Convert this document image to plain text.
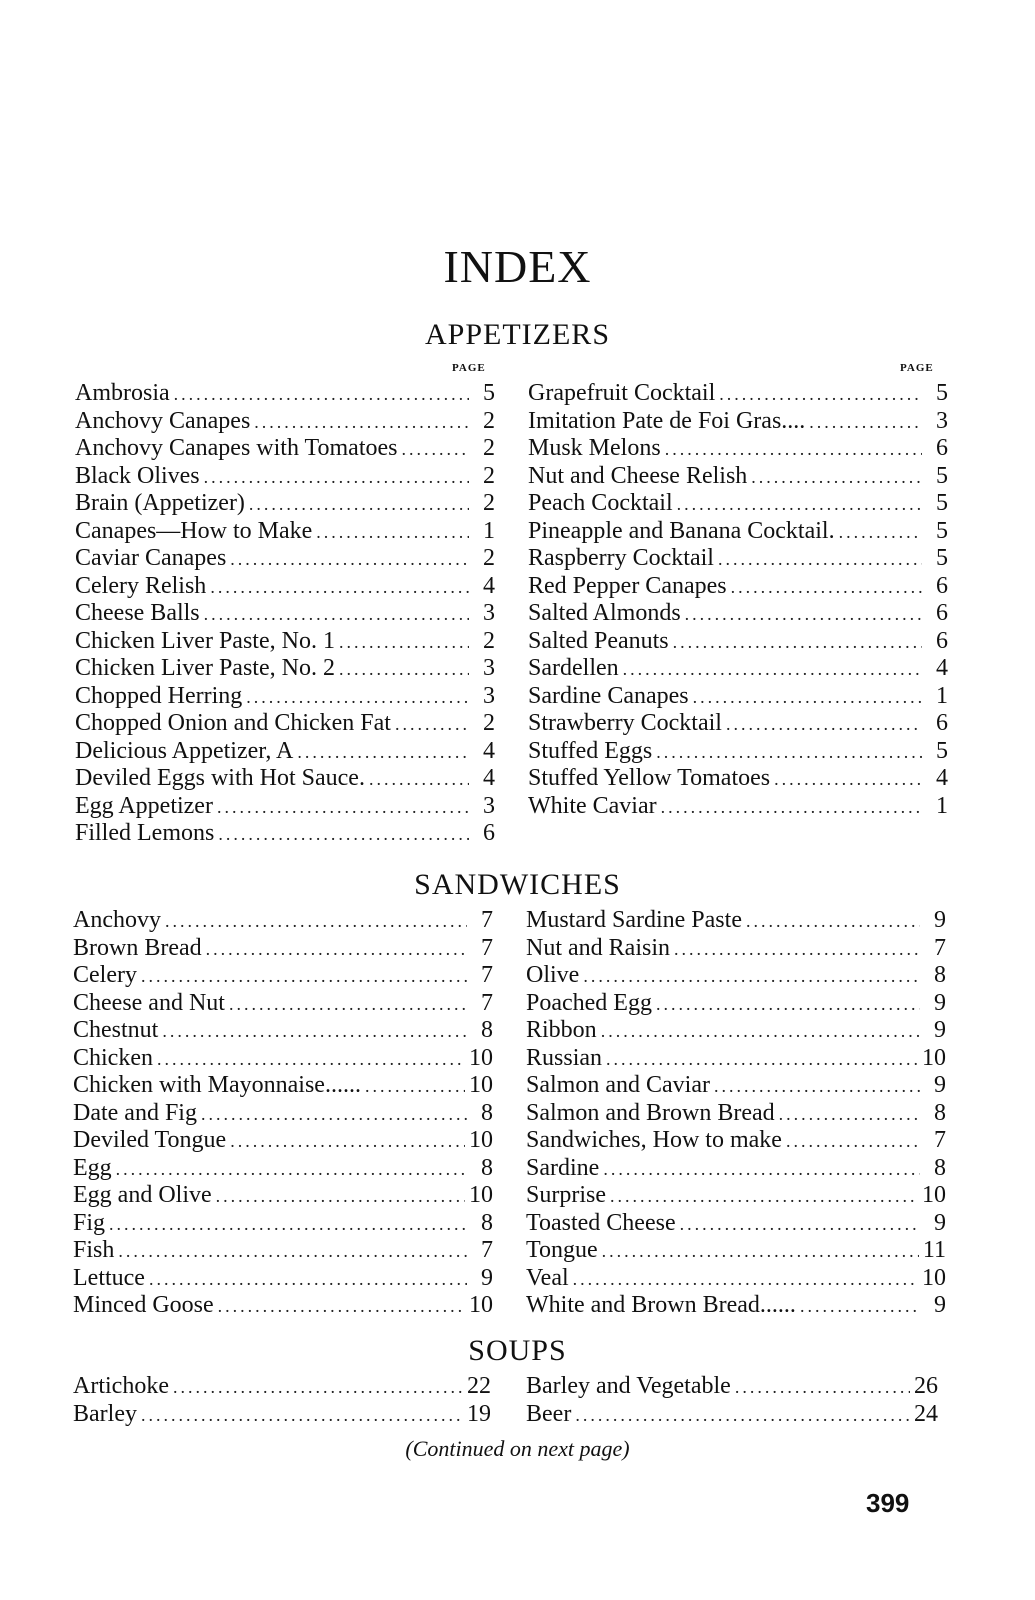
INDEX
APPETIZERS
PAGE	PAGE
Ambrosia .....	5
Anchovy Canapes .....	2
Anchovy Canapes with Tomatoes .....	2
Black Olives .....	2
Brain (Appetizer) .....	2
Canapes—How to Make .....	1
Caviar Canapes .....	2
Celery Relish .....	4
Cheese Balls .....	3
Chicken Liver Paste, No. 1 .....	2
Chicken Liver Paste, No. 2 .....	3
Chopped Herring .....	3
Chopped Onion and Chicken Fat .....	2
Delicious Appetizer, A .....	4
Deviled Eggs with Hot Sauce. .....	4
Egg Appetizer .....	3
Filled Lemons .....	6
Grapefruit Cocktail .....	5
Imitation Pate de Foi Gras.... .....	3
Musk Melons .....	6
Nut and Cheese Relish .....	5
Peach Cocktail .....	5
Pineapple and Banana Cocktail. .....	5
Raspberry Cocktail .....	5
Red Pepper Canapes .....	6
Salted Almonds .....	6
Salted Peanuts .....	6
Sardellen .....	4
Sardine Canapes .....	1
Strawberry Cocktail .....	6
Stuffed Eggs .....	5
Stuffed Yellow Tomatoes .....	4
White Caviar .....	1
SANDWICHES
Anchovy .....	7
Brown Bread .....	7
Celery .....	7
Cheese and Nut .....	7
Chestnut .....	8
Chicken .....	10
Chicken with Mayonnaise...... .....	10
Date and Fig .....	8
Deviled Tongue .....	10
Egg .....	8
Egg and Olive .....	10
Fig .....	8
Fish .....	7
Lettuce .....	9
Minced Goose .....	10
Mustard Sardine Paste .....	9
Nut and Raisin .....	7
Olive .....	8
Poached Egg .....	9
Ribbon .....	9
Russian .....	10
Salmon and Caviar .....	9
Salmon and Brown Bread .....	8
Sandwiches, How to make .....	7
Sardine .....	8
Surprise .....	10
Toasted Cheese .....	9
Tongue .....	11
Veal .....	10
White and Brown Bread...... .....	9
SOUPS
Artichoke .....	22
Barley .....	19
Barley and Vegetable .....	26
Beer .....	24
(Continued on next page)
399
